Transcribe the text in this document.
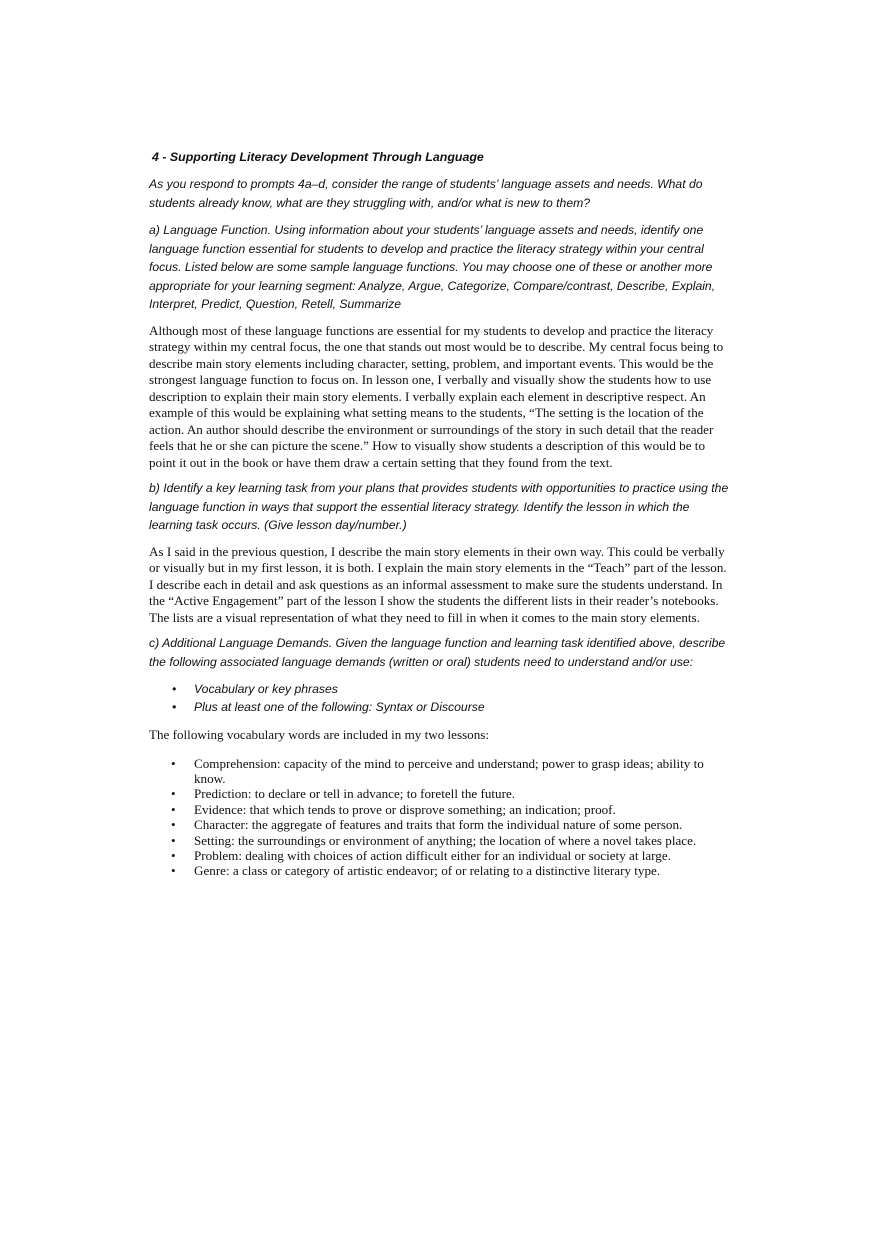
4 - Supporting Literacy Development Through Language

As you respond to prompts 4a–d, consider the range of students’ language assets and needs. What do students already know, what are they struggling with, and/or what is new to them?

a) Language Function. Using information about your students’ language assets and needs, identify one language function essential for students to develop and practice the literacy strategy within your central focus. Listed below are some sample language functions. You may choose one of these or another more appropriate for your learning segment: Analyze, Argue, Categorize, Compare/contrast, Describe, Explain, Interpret, Predict, Question, Retell, Summarize

Although most of these language functions are essential for my students to develop and practice the literacy strategy within my central focus, the one that stands out most would be to describe. My central focus being to describe main story elements including character, setting, problem, and important events. This would be the strongest language function to focus on. In lesson one, I verbally and visually show the students how to use description to explain their main story elements. I verbally explain each element in descriptive respect. An example of this would be explaining what setting means to the students, “The setting is the location of the action. An author should describe the environment or surroundings of the story in such detail that the reader feels that he or she can picture the scene.” How to visually show students a description of this would be to point it out in the book or have them draw a certain setting that they found from the text.

b) Identify a key learning task from your plans that provides students with opportunities to practice using the language function in ways that support the essential literacy strategy. Identify the lesson in which the learning task occurs. (Give lesson day/number.)

As I said in the previous question, I describe the main story elements in their own way. This could be verbally or visually but in my first lesson, it is both. I explain the main story elements in the “Teach” part of the lesson. I describe each in detail and ask questions as an informal assessment to make sure the students understand. In the “Active Engagement” part of the lesson I show the students the different lists in their reader’s notebooks. The lists are a visual representation of what they need to fill in when it comes to the main story elements.

c) Additional Language Demands. Given the language function and learning task identified above, describe the following associated language demands (written or oral) students need to understand and/or use:

• Vocabulary or key phrases
• Plus at least one of the following: Syntax or Discourse

The following vocabulary words are included in my two lessons:

• Comprehension: capacity of the mind to perceive and understand; power to grasp ideas; ability to know.
• Prediction: to declare or tell in advance; to foretell the future.
• Evidence: that which tends to prove or disprove something; an indication; proof.
• Character: the aggregate of features and traits that form the individual nature of some person.
• Setting: the surroundings or environment of anything; the location of where a novel takes place.
• Problem: dealing with choices of action difficult either for an individual or society at large.
• Genre: a class or category of artistic endeavor; of or relating to a distinctive literary type.
